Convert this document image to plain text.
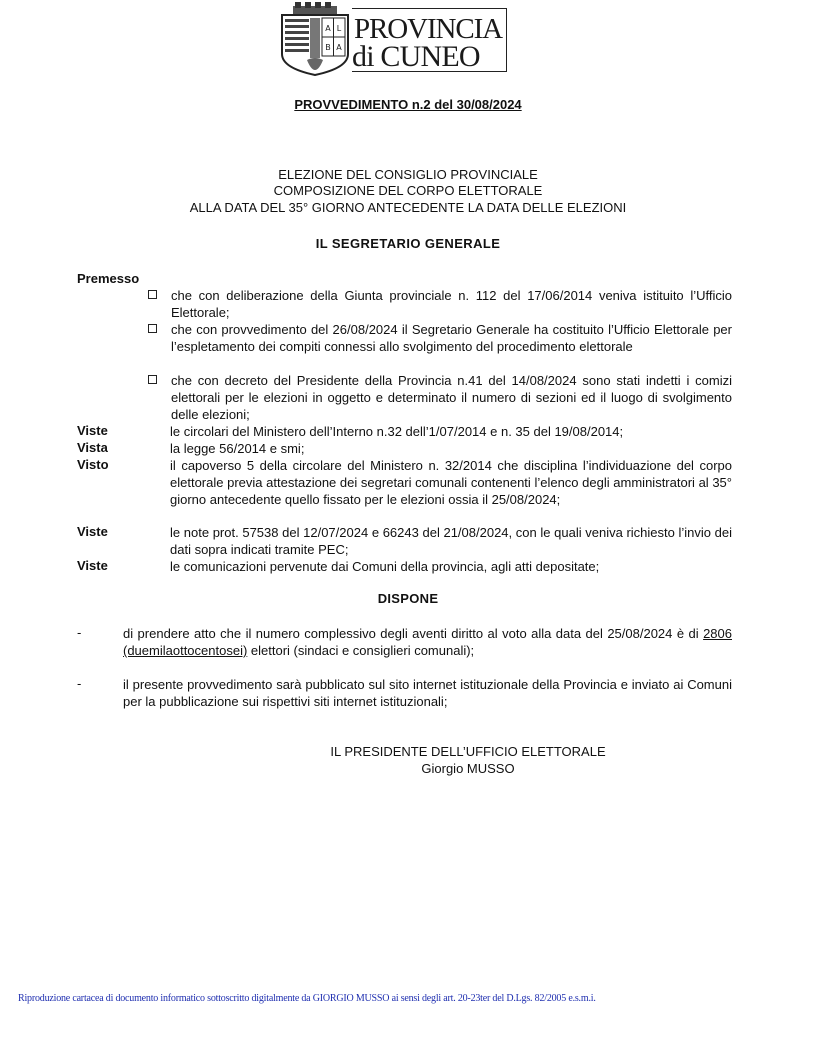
A L
B A
PROVINCIA
di CUNEO
PROVVEDIMENTO n.2 del 30/08/2024
ELEZIONE DEL CONSIGLIO PROVINCIALE
COMPOSIZIONE DEL CORPO ELETTORALE
ALLA DATA DEL 35° GIORNO ANTECEDENTE LA DATA DELLE ELEZIONI
IL SEGRETARIO GENERALE
Premesso
che con deliberazione della Giunta provinciale n. 112 del 17/06/2014 veniva istituito l’Ufficio Elettorale;
che con provvedimento del 26/08/2024 il Segretario Generale ha costituito l’Ufficio Elettorale per l’espletamento dei compiti connessi allo svolgimento del procedimento elettorale
che con decreto del Presidente della Provincia n.41 del 14/08/2024 sono stati indetti i comizi elettorali per le elezioni in oggetto e determinato il numero di sezioni ed il luogo di svolgimento delle elezioni;
Viste	le circolari del Ministero dell’Interno n.32 dell’1/07/2014 e n. 35 del 19/08/2014;
Vista	la legge 56/2014 e smi;
Visto	il capoverso 5 della circolare del Ministero n. 32/2014 che disciplina l’individuazione del corpo elettorale previa attestazione dei segretari comunali contenenti l’elenco degli amministratori al 35° giorno antecedente quello fissato per le elezioni ossia il 25/08/2024;
Viste	le note prot. 57538 del 12/07/2024 e 66243 del 21/08/2024, con le quali veniva richiesto l’invio dei dati sopra indicati tramite PEC;
Viste	le comunicazioni pervenute dai Comuni della provincia, agli atti depositate;
DISPONE
-	di prendere atto che il numero complessivo degli aventi diritto al voto alla data del 25/08/2024 è di 2806 (duemilaottocentosei) elettori (sindaci e consiglieri comunali);
-	il presente provvedimento sarà pubblicato sul sito internet istituzionale della Provincia e inviato ai Comuni per la pubblicazione sui rispettivi siti internet istituzionali;
IL PRESIDENTE DELL’UFFICIO ELETTORALE
Giorgio MUSSO
Riproduzione cartacea di documento informatico sottoscritto digitalmente da GIORGIO MUSSO ai sensi degli art. 20-23ter del D.Lgs. 82/2005 e.s.m.i.
